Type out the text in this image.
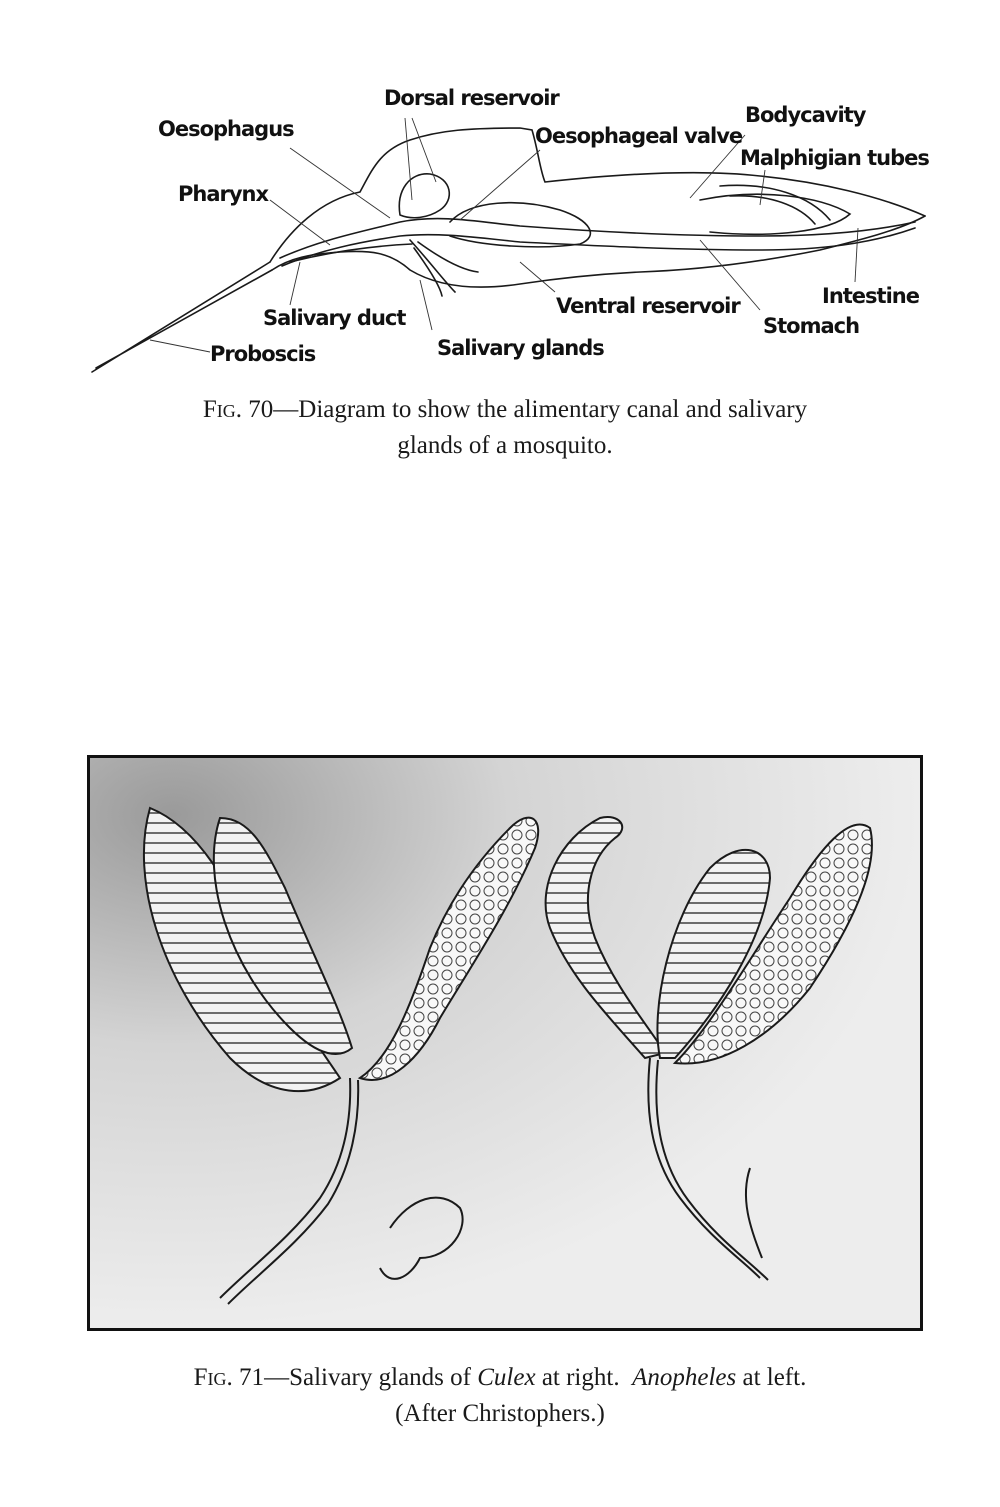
Dorsal reservoir
Oesophagus	Oesophageal valve
Bodycavity
Malphigian tubes
Pharynx
Intestine
Salivary duct	Ventral reservoir
Stomach
Proboscis	Salivary glands
Fig. 70—Diagram to show the alimentary canal and salivary
glands of a mosquito.
Fig. 71—Salivary glands of Culex at right.  Anopheles at left.
(After Christophers.)
